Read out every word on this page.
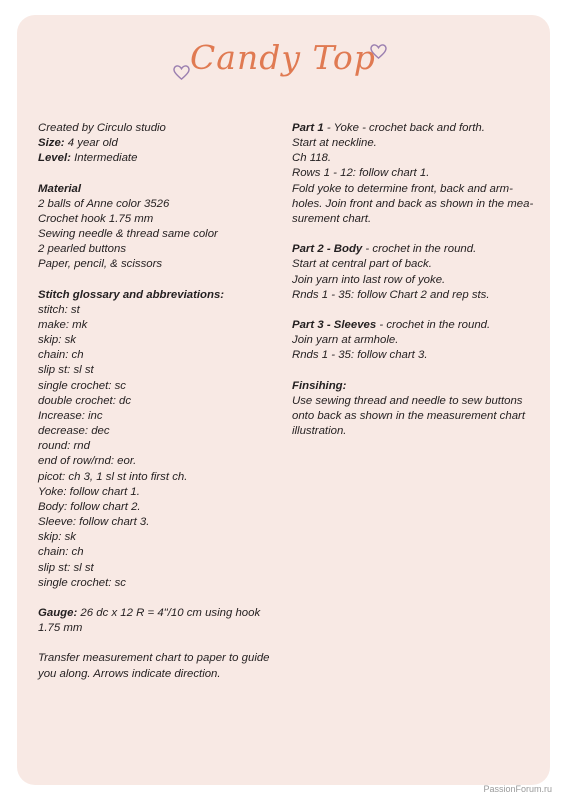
Candy Top

Created by Circulo studio

Size: 4 year old

Level: Intermediate

Material

2 balls of Anne color 3526

Crochet hook 1.75 mm

Sewing needle & thread same color

2 pearled buttons

Paper, pencil, & scissors

Stitch glossary and abbreviations:

stitch: st

make: mk

skip: sk

chain: ch

slip st: sl st

single crochet: sc

double crochet: dc

Increase: inc

decrease: dec

round: rnd

end of row/rnd: eor.

picot: ch 3, 1 sl st into first ch.

Yoke: follow chart 1.

Body: follow chart 2.

Sleeve: follow chart 3.

skip: sk

chain: ch

slip st: sl st

single crochet: sc

Gauge: 26 dc x 12 R = 4"/10 cm using hook

1.75 mm

Transfer measurement chart to paper to guide

you along. Arrows indicate direction.

Part 1 - Yoke - crochet back and forth.

Start at neckline.

Ch 118.

Rows 1 - 12: follow chart 1.

Fold yoke to determine front, back and arm-

holes. Join front and back as shown in the mea-

surement chart.

Part 2 - Body - crochet in the round.

Start at central part of back.

Join yarn into last row of yoke.

Rnds 1 - 35: follow Chart 2 and rep sts.

Part 3 - Sleeves - crochet in the round.

Join yarn at armhole.

Rnds 1 - 35: follow chart 3.

Finsihing:

Use sewing thread and needle to sew buttons

onto back as shown in the measurement chart

illustration.

PassionForum.ru
